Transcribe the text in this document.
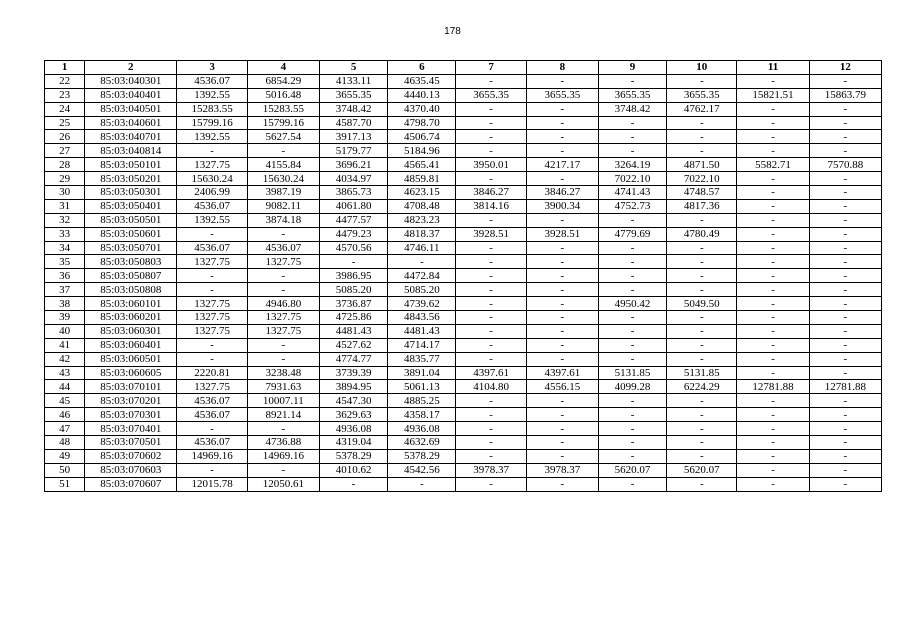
178
1	2	3	4	5	6	7	8	9	10	11	12
22	85:03:040301	4536.07	6854.29	4133.11	4635.45	-	-	-	-	-	-
23	85:03:040401	1392.55	5016.48	3655.35	4440.13	3655.35	3655.35	3655.35	3655.35	15821.51	15863.79
24	85:03:040501	15283.55	15283.55	3748.42	4370.40	-	-	3748.42	4762.17	-	-
25	85:03:040601	15799.16	15799.16	4587.70	4798.70	-	-	-	-	-	-
26	85:03:040701	1392.55	5627.54	3917.13	4506.74	-	-	-	-	-	-
27	85:03:040814	-	-	5179.77	5184.96	-	-	-	-	-	-
28	85:03:050101	1327.75	4155.84	3696.21	4565.41	3950.01	4217.17	3264.19	4871.50	5582.71	7570.88
29	85:03:050201	15630.24	15630.24	4034.97	4859.81	-	-	7022.10	7022.10	-	-
30	85:03:050301	2406.99	3987.19	3865.73	4623.15	3846.27	3846.27	4741.43	4748.57	-	-
31	85:03:050401	4536.07	9082.11	4061.80	4708.48	3814.16	3900.34	4752.73	4817.36	-	-
32	85:03:050501	1392.55	3874.18	4477.57	4823.23	-	-	-	-	-	-
33	85:03:050601	-	-	4479.23	4818.37	3928.51	3928.51	4779.69	4780.49	-	-
34	85:03:050701	4536.07	4536.07	4570.56	4746.11	-	-	-	-	-	-
35	85:03:050803	1327.75	1327.75	-	-	-	-	-	-	-	-
36	85:03:050807	-	-	3986.95	4472.84	-	-	-	-	-	-
37	85:03:050808	-	-	5085.20	5085.20	-	-	-	-	-	-
38	85:03:060101	1327.75	4946.80	3736.87	4739.62	-	-	4950.42	5049.50	-	-
39	85:03:060201	1327.75	1327.75	4725.86	4843.56	-	-	-	-	-	-
40	85:03:060301	1327.75	1327.75	4481.43	4481.43	-	-	-	-	-	-
41	85:03:060401	-	-	4527.62	4714.17	-	-	-	-	-	-
42	85:03:060501	-	-	4774.77	4835.77	-	-	-	-	-	-
43	85:03:060605	2220.81	3238.48	3739.39	3891.04	4397.61	4397.61	5131.85	5131.85	-	-
44	85:03:070101	1327.75	7931.63	3894.95	5061.13	4104.80	4556.15	4099.28	6224.29	12781.88	12781.88
45	85:03:070201	4536.07	10007.11	4547.30	4885.25	-	-	-	-	-	-
46	85:03:070301	4536.07	8921.14	3629.63	4358.17	-	-	-	-	-	-
47	85:03:070401	-	-	4936.08	4936.08	-	-	-	-	-	-
48	85:03:070501	4536.07	4736.88	4319.04	4632.69	-	-	-	-	-	-
49	85:03:070602	14969.16	14969.16	5378.29	5378.29	-	-	-	-	-	-
50	85:03:070603	-	-	4010.62	4542.56	3978.37	3978.37	5620.07	5620.07	-	-
51	85:03:070607	12015.78	12050.61	-	-	-	-	-	-	-	-
